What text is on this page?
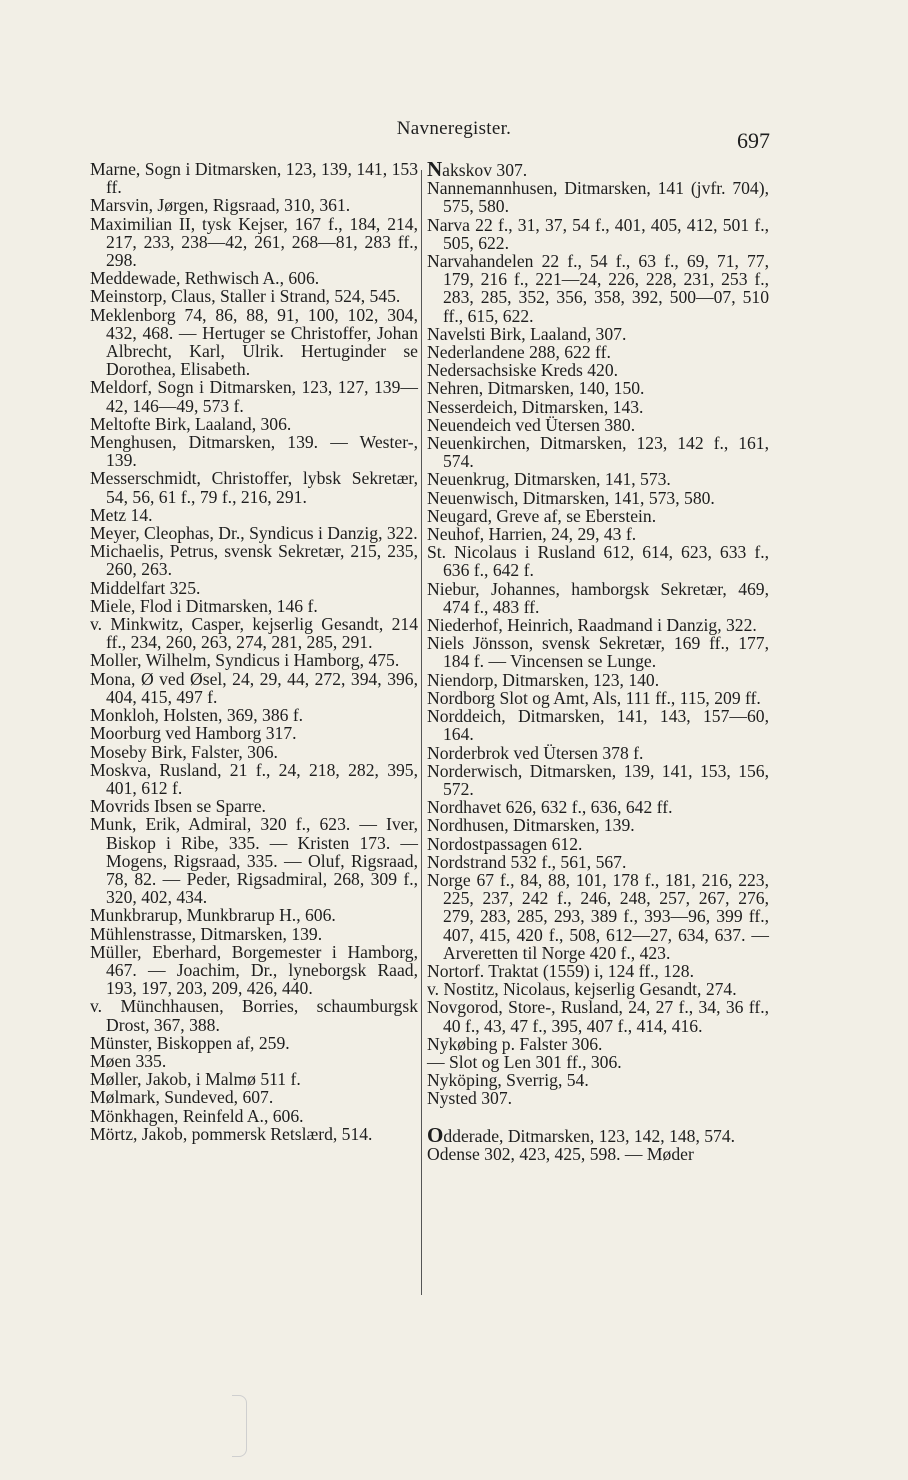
Navneregister.	697
Marne, Sogn i Ditmarsken, 123, 139, 141, 153 ff.
Marsvin, Jørgen, Rigsraad, 310, 361.
Maximilian II, tysk Kejser, 167 f., 184, 214, 217, 233, 238—42, 261, 268—81, 283 ff., 298.
Meddewade, Rethwisch A., 606.
Meinstorp, Claus, Staller i Strand, 524, 545.
Meklenborg 74, 86, 88, 91, 100, 102, 304, 432, 468. — Hertuger se Christoffer, Johan Albrecht, Karl, Ulrik. Hertuginder se Dorothea, Elisabeth.
Meldorf, Sogn i Ditmarsken, 123, 127, 139—42, 146—49, 573 f.
Meltofte Birk, Laaland, 306.
Menghusen, Ditmarsken, 139. — Wester-, 139.
Messerschmidt, Christoffer, lybsk Sekretær, 54, 56, 61 f., 79 f., 216, 291.
Metz 14.
Meyer, Cleophas, Dr., Syndicus i Danzig, 322.
Michaelis, Petrus, svensk Sekretær, 215, 235, 260, 263.
Middelfart 325.
Miele, Flod i Ditmarsken, 146 f.
v. Minkwitz, Casper, kejserlig Gesandt, 214 ff., 234, 260, 263, 274, 281, 285, 291.
Moller, Wilhelm, Syndicus i Hamborg, 475.
Mona, Ø ved Øsel, 24, 29, 44, 272, 394, 396, 404, 415, 497 f.
Monkloh, Holsten, 369, 386 f.
Moorburg ved Hamborg 317.
Moseby Birk, Falster, 306.
Moskva, Rusland, 21 f., 24, 218, 282, 395, 401, 612 f.
Movrids Ibsen se Sparre.
Munk, Erik, Admiral, 320 f., 623. — Iver, Biskop i Ribe, 335. — Kristen 173. — Mogens, Rigsraad, 335. — Oluf, Rigsraad, 78, 82. — Peder, Rigsadmiral, 268, 309 f., 320, 402, 434.
Munkbrarup, Munkbrarup H., 606.
Mühlenstrasse, Ditmarsken, 139.
Müller, Eberhard, Borgemester i Hamborg, 467. — Joachim, Dr., lyneborgsk Raad, 193, 197, 203, 209, 426, 440.
v. Münchhausen, Borries, schaumburgsk Drost, 367, 388.
Münster, Biskoppen af, 259.
Møen 335.
Møller, Jakob, i Malmø 511 f.
Mølmark, Sundeved, 607.
Mönkhagen, Reinfeld A., 606.
Mörtz, Jakob, pommersk Retslærd, 514.
Nakskov 307.
Nannemannhusen, Ditmarsken, 141 (jvfr. 704), 575, 580.
Narva 22 f., 31, 37, 54 f., 401, 405, 412, 501 f., 505, 622.
Narvahandelen 22 f., 54 f., 63 f., 69, 71, 77, 179, 216 f., 221—24, 226, 228, 231, 253 f., 283, 285, 352, 356, 358, 392, 500—07, 510 ff., 615, 622.
Navelsti Birk, Laaland, 307.
Nederlandene 288, 622 ff.
Nedersachsiske Kreds 420.
Nehren, Ditmarsken, 140, 150.
Nesserdeich, Ditmarsken, 143.
Neuendeich ved Ütersen 380.
Neuenkirchen, Ditmarsken, 123, 142 f., 161, 574.
Neuenkrug, Ditmarsken, 141, 573.
Neuenwisch, Ditmarsken, 141, 573, 580.
Neugard, Greve af, se Eberstein.
Neuhof, Harrien, 24, 29, 43 f.
St. Nicolaus i Rusland 612, 614, 623, 633 f., 636 f., 642 f.
Niebur, Johannes, hamborgsk Sekretær, 469, 474 f., 483 ff.
Niederhof, Heinrich, Raadmand i Danzig, 322.
Niels Jönsson, svensk Sekretær, 169 ff., 177, 184 f. — Vincensen se Lunge.
Niendorp, Ditmarsken, 123, 140.
Nordborg Slot og Amt, Als, 111 ff., 115, 209 ff.
Norddeich, Ditmarsken, 141, 143, 157—60, 164.
Norderbrok ved Ütersen 378 f.
Norderwisch, Ditmarsken, 139, 141, 153, 156, 572.
Nordhavet 626, 632 f., 636, 642 ff.
Nordhusen, Ditmarsken, 139.
Nordostpassagen 612.
Nordstrand 532 f., 561, 567.
Norge 67 f., 84, 88, 101, 178 f., 181, 216, 223, 225, 237, 242 f., 246, 248, 257, 267, 276, 279, 283, 285, 293, 389 f., 393—96, 399 ff., 407, 415, 420 f., 508, 612—27, 634, 637. — Arveretten til Norge 420 f., 423.
Nortorf. Traktat (1559) i, 124 ff., 128.
v. Nostitz, Nicolaus, kejserlig Gesandt, 274.
Novgorod, Store-, Rusland, 24, 27 f., 34, 36 ff., 40 f., 43, 47 f., 395, 407 f., 414, 416.
Nykøbing p. Falster 306.
— Slot og Len 301 ff., 306.
Nyköping, Sverrig, 54.
Nysted 307.
Odderade, Ditmarsken, 123, 142, 148, 574.
Odense 302, 423, 425, 598. — Møder
